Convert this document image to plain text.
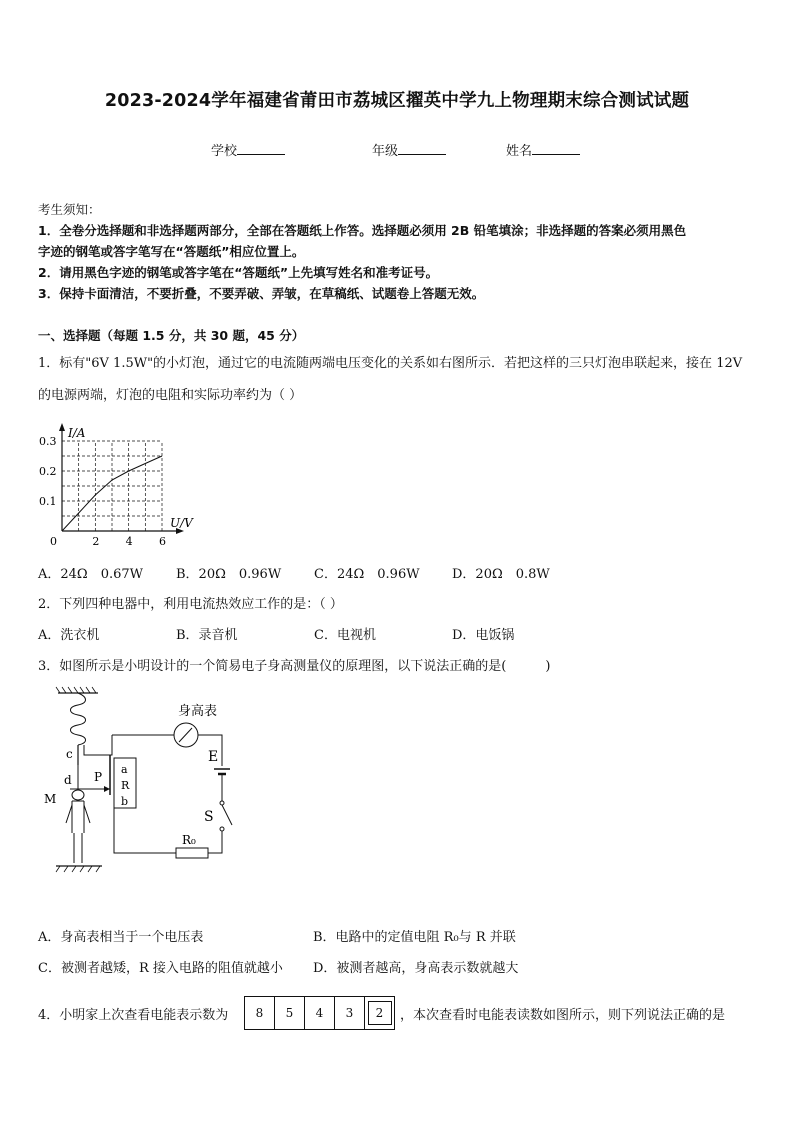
2023-2024学年福建省莆田市荔城区擢英中学九上物理期末综合测试试题
学校	年级	姓名
考生须知：
1．全卷分选择题和非选择题两部分，全部在答题纸上作答。选择题必须用 2B 铅笔填涂；非选择题的答案必须用黑色
字迹的钢笔或答字笔写在“答题纸”相应位置上。
2．请用黑色字迹的钢笔或答字笔在“答题纸”上先填写姓名和准考证号。
3．保持卡面清洁，不要折叠，不要弄破、弄皱，在草稿纸、试题卷上答题无效。
一、选择题（每题 1.5 分，共 30 题，45 分）
1．标有"6V 1.5W"的小灯泡，通过它的电流随两端电压变化的关系如右图所示．若把这样的三只灯泡串联起来，接在 12V
的电源两端，灯泡的电阻和实际功率约为（ ）
I/A
U/V
0	2 4 6
0.1
0.2
0.3
A．24Ω　0.67W	B．20Ω　0.96W	C．24Ω　0.96W D．20Ω　0.8W
2．下列四种电器中，利用电流热效应工作的是：（ ）
A．洗衣机	B．录音机	C．电视机	D．电饭锅
3．如图所示是小明设计的一个简易电子身高测量仪的原理图，以下说法正确的是(　　　)
身高表
E
S
R₀
c
d P
M
a
R
b
A．身高表相当于一个电压表	B．电路中的定值电阻 R₀与 R 并联
C．被测者越矮，R 接入电路的阻值就越小 D．被测者越高，身高表示数就越大
4．小明家上次查看电能表示数为	8	5	4	3	2	，本次查看时电能表读数如图所示，则下列说法正确的是
